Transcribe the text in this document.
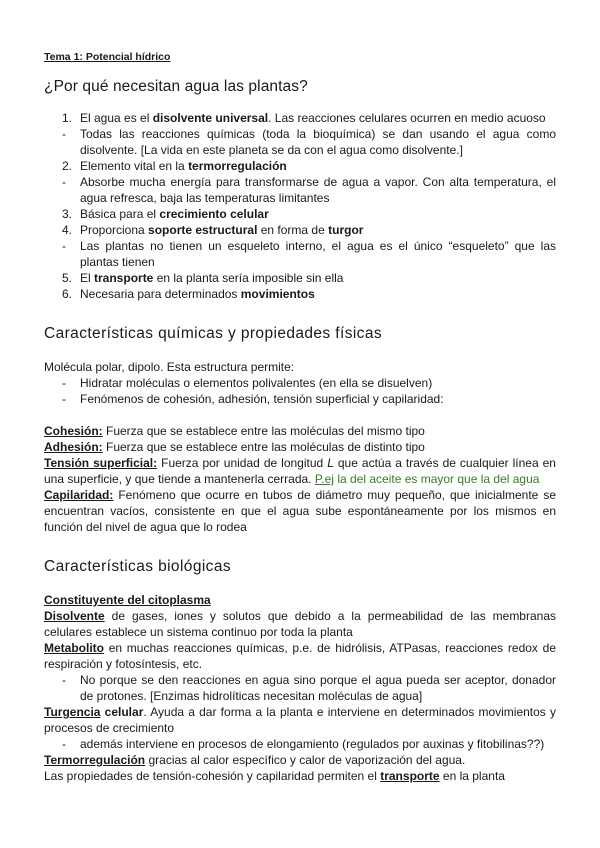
Tema 1: Potencial hídrico
¿Por qué necesitan agua las plantas?
1. El agua es el disolvente universal. Las reacciones celulares ocurren en medio acuoso
- Todas las reacciones químicas (toda la bioquímica) se dan usando el agua como disolvente. [La vida en este planeta se da con el agua como disolvente.]
2. Elemento vital en la termorregulación
- Absorbe mucha energía para transformarse de agua a vapor. Con alta temperatura, el agua refresca, baja las temperaturas limitantes
3. Básica para el crecimiento celular
4. Proporciona soporte estructural en forma de turgor
- Las plantas no tienen un esqueleto interno, el agua es el único “esqueleto” que las plantas tienen
5. El transporte en la planta sería imposible sin ella
6. Necesaria para determinados movimientos
Características químicas y propiedades físicas

Molécula polar, dipolo. Esta estructura permite:

- Hidratar moléculas o elementos polivalentes (en ella se disuelven)
- Fenómenos de cohesión, adhesión, tensión superficial y capilaridad:

Cohesión: Fuerza que se establece entre las moléculas del mismo tipo

Adhesión: Fuerza que se establece entre las moléculas de distinto tipo

Tensión superficial: Fuerza por unidad de longitud L que actúa a través de cualquier línea en una superficie, y que tiende a mantenerla cerrada. P.ej la del aceite es mayor que la del agua

Capilaridad: Fenómeno que ocurre en tubos de diámetro muy pequeño, que inicialmente se encuentran vacíos, consistente en que el agua sube espontáneamente por los mismos en función del nivel de agua que lo rodea

Características biológicas

Constituyente del citoplasma

Disolvente de gases, iones y solutos que debido a la permeabilidad de las membranas celulares establece un sistema continuo por toda la planta

Metabolito en muchas reacciones químicas, p.e. de hidrólisis, ATPasas, reacciones redox de respiración y fotosíntesis, etc.

- No porque se den reacciones en agua sino porque el agua pueda ser aceptor, donador de protones. [Enzimas hidrolíticas necesitan moléculas de agua]

Turgencia celular. Ayuda a dar forma a la planta e interviene en determinados movimientos y procesos de crecimiento

- además interviene en procesos de elongamiento (regulados por auxinas y fitobilinas??)

Termorregulación gracias al calor específico y calor de vaporización del agua.

Las propiedades de tensión-cohesión y capilaridad permiten el transporte en la planta
